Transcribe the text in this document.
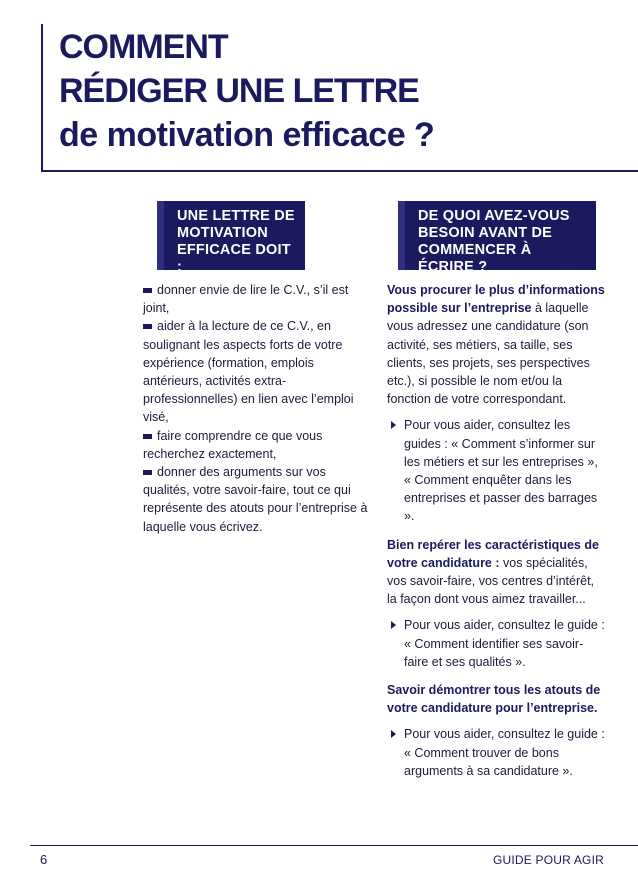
COMMENT
RÉDIGER UNE LETTRE
de motivation efficace ?
UNE LETTRE DE MOTIVATION EFFICACE DOIT :
DE QUOI AVEZ-VOUS BESOIN AVANT DE COMMENCER À ÉCRIRE ?

donner envie de lire le C.V., s’il est joint,

aider à la lecture de ce C.V., en soulignant les aspects forts de votre expérience (formation, emplois antérieurs, activités extra-professionnelles) en lien avec l’emploi visé,

faire comprendre ce que vous recherchez exactement,

donner des arguments sur vos qualités, votre savoir-faire, tout ce qui représente des atouts pour l’entreprise à laquelle vous écrivez.

Vous procurer le plus d’informations possible sur l’entreprise à laquelle vous adressez une candidature (son activité, ses métiers, sa taille, ses clients, ses projets, ses perspectives etc.), si possible le nom et/ou la fonction de votre correspondant.

Pour vous aider, consultez les guides : « Comment s’informer sur les métiers et sur les entreprises », « Comment enquêter dans les entreprises et passer des barrages ».

Bien repérer les caractéristiques de votre candidature : vos spécialités, vos savoir-faire, vos centres d’intérêt, la façon dont vous aimez travailler...

Pour vous aider, consultez le guide : « Comment identifier ses savoir-faire et ses qualités ».

Savoir démontrer tous les atouts de votre candidature pour l’entreprise.

Pour vous aider, consultez le guide : « Comment trouver de bons arguments à sa candidature ».
6	GUIDE POUR AGIR
